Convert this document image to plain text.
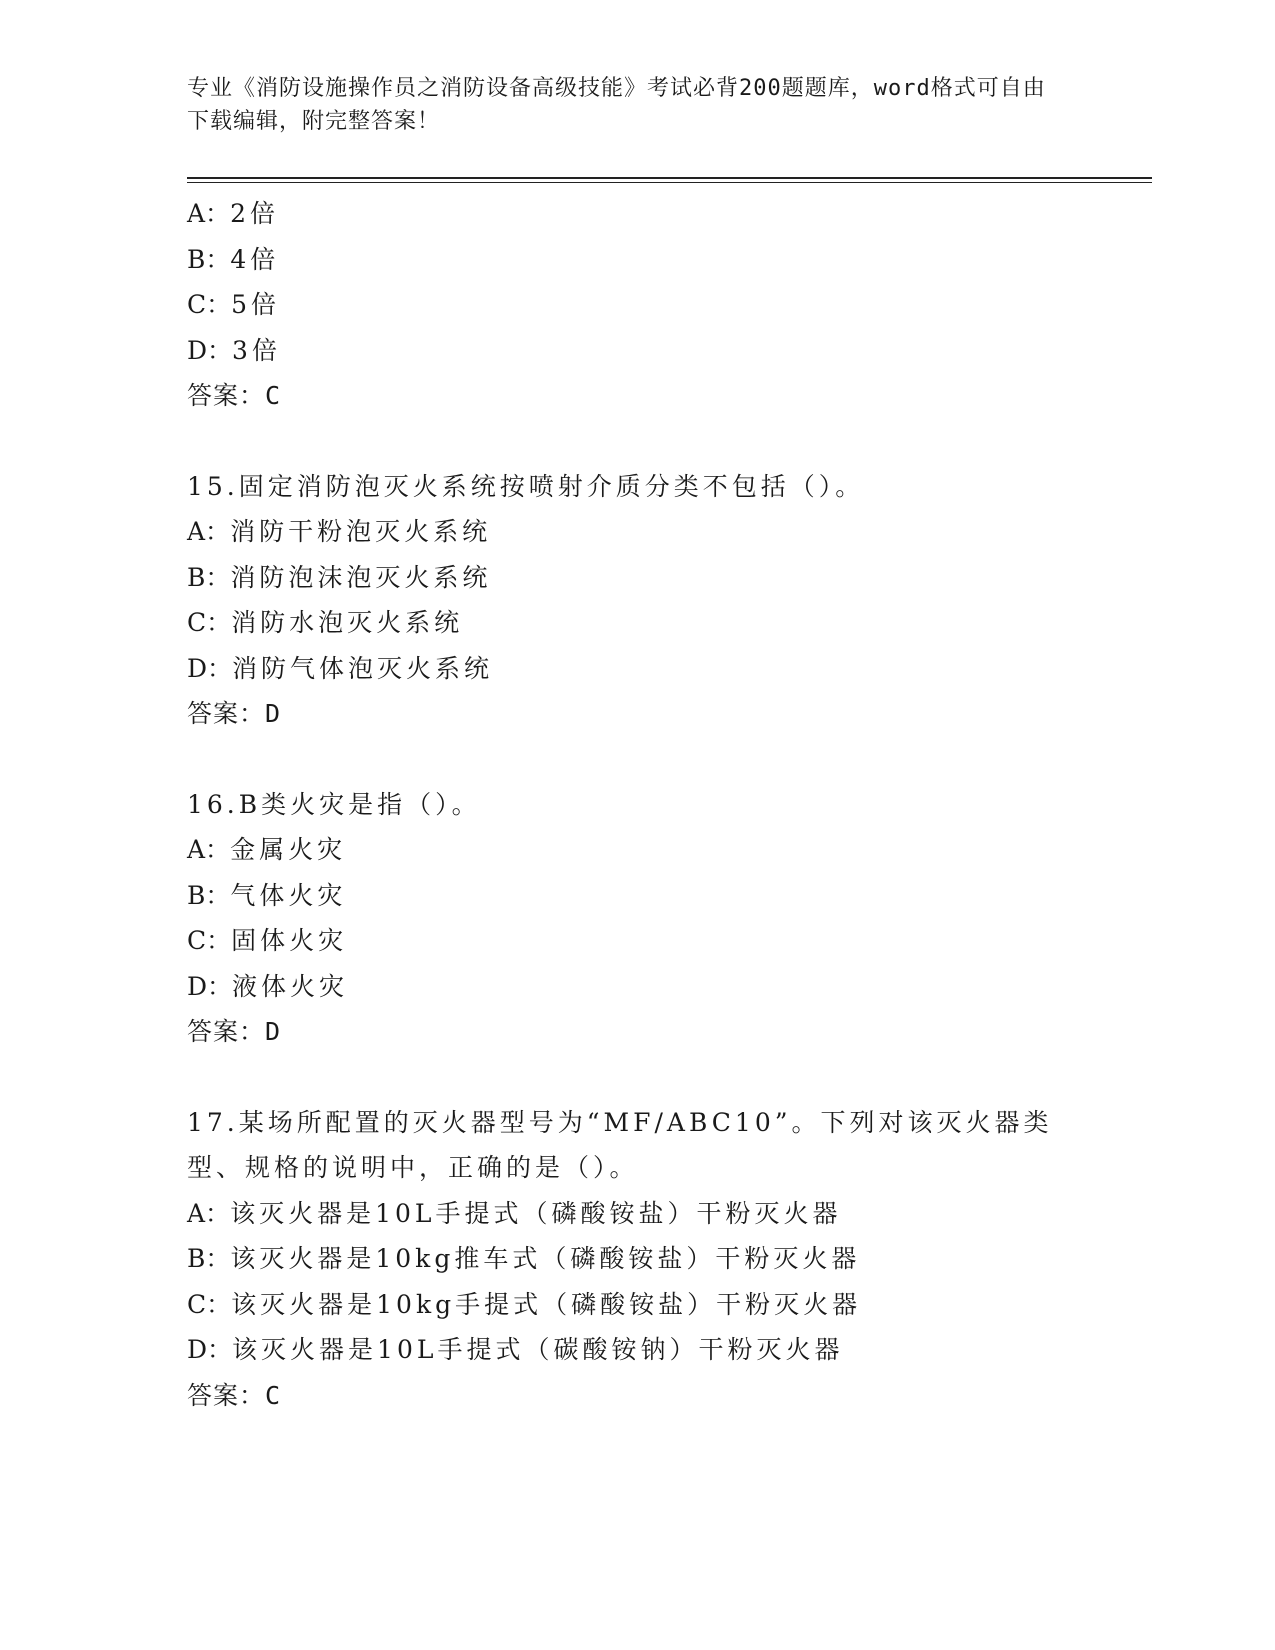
专业《消防设施操作员之消防设备高级技能》考试必背200题题库，word格式可自由下载编辑，附完整答案！
A：2倍
B：4倍
C：5倍
D：3倍
答案：C
15.固定消防泡灭火系统按喷射介质分类不包括（）。
A：消防干粉泡灭火系统
B：消防泡沫泡灭火系统
C：消防水泡灭火系统
D：消防气体泡灭火系统
答案：D
16.B类火灾是指（）。
A：金属火灾
B：气体火灾
C：固体火灾
D：液体火灾
答案：D
17.某场所配置的灭火器型号为“MF/ABC10”。下列对该灭火器类型、规格的说明中，正确的是（）。
A：该灭火器是10L手提式（磷酸铵盐）干粉灭火器
B：该灭火器是10kg推车式（磷酸铵盐）干粉灭火器
C：该灭火器是10kg手提式（磷酸铵盐）干粉灭火器
D：该灭火器是10L手提式（碳酸铵钠）干粉灭火器
答案：C
